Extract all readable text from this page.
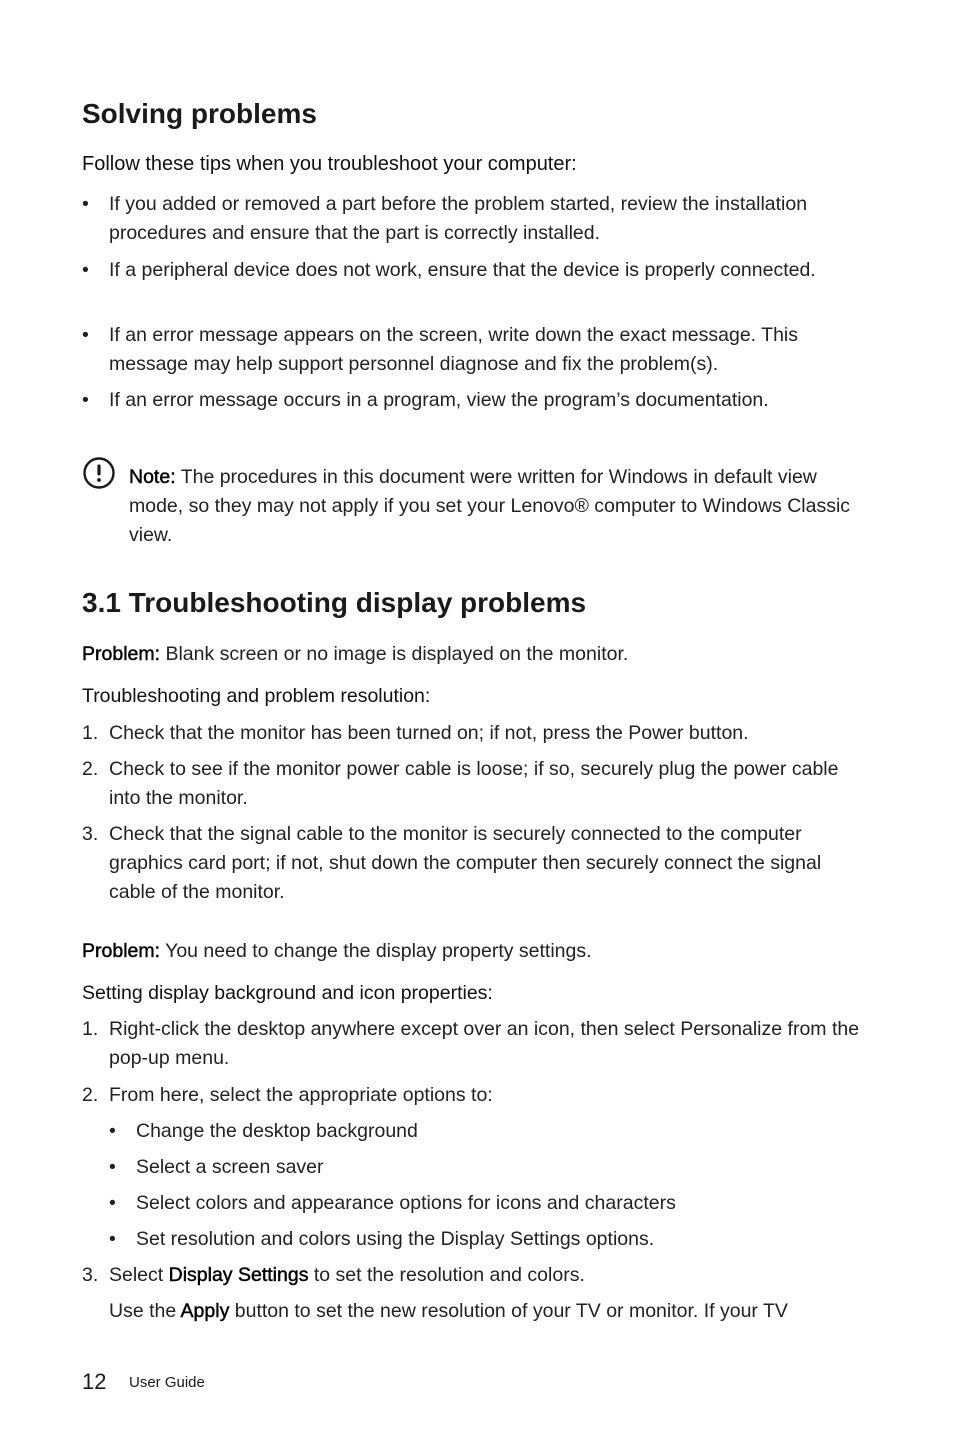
Solving problems
Follow these tips when you troubleshoot your computer:
•	If you added or removed a part before the problem started, review the installation procedures and ensure that the part is correctly installed.
•	If a peripheral device does not work, ensure that the device is properly connected.
•	If an error message appears on the screen, write down the exact message. This message may help support personnel diagnose and fix the problem(s).
•	If an error message occurs in a program, view the program’s documentation.
Note: The procedures in this document were written for Windows in default view mode, so they may not apply if you set your Lenovo® computer to Windows Classic view.
3.1 Troubleshooting display problems
Problem: Blank screen or no image is displayed on the monitor.
Troubleshooting and problem resolution:
1. Check that the monitor has been turned on; if not, press the Power button.
2. Check to see if the monitor power cable is loose; if so, securely plug the power cable into the monitor.
3. Check that the signal cable to the monitor is securely connected to the computer graphics card port; if not, shut down the computer then securely connect the signal cable of the monitor.
Problem: You need to change the display property settings.
Setting display background and icon properties:
1. Right-click the desktop anywhere except over an icon, then select Personalize from the pop-up menu.
2. From here, select the appropriate options to:
•	Change the desktop background
•	Select a screen saver
•	Select colors and appearance options for icons and characters
•	Set resolution and colors using the Display Settings options.
3. Select Display Settings to set the resolution and colors.
Use the Apply button to set the new resolution of your TV or monitor. If your TV
12 User Guide
